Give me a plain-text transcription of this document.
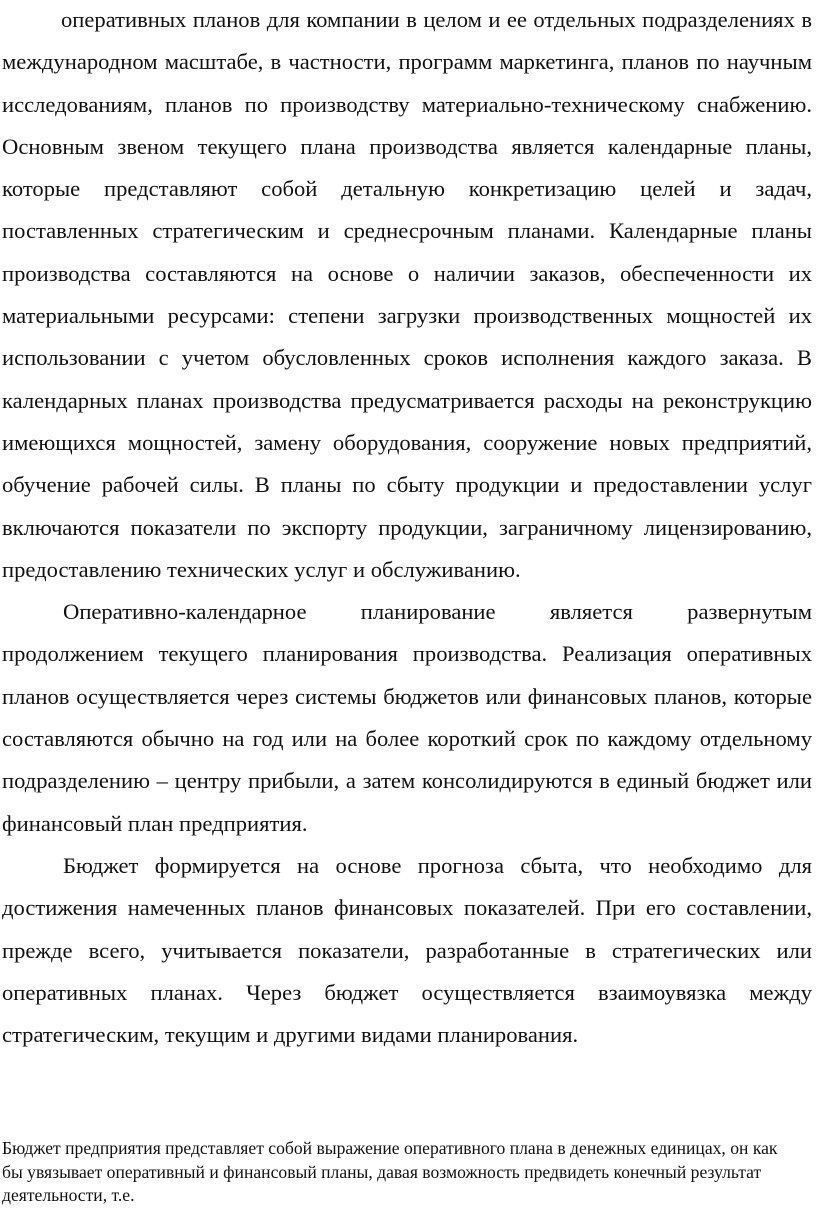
оперативных планов для компании в целом и ее отдельных подразделениях в международном масштабе, в частности, программ маркетинга, планов по научным исследованиям, планов по производству материально-техническому снабжению. Основным звеном текущего плана производства является календарные планы, которые представляют собой детальную конкретизацию целей и задач, поставленных стратегическим и среднесрочным планами. Календарные планы производства составляются на основе о наличии заказов, обеспеченности их материальными ресурсами: степени загрузки производственных мощностей их использовании с учетом обусловленных сроков исполнения каждого заказа. В календарных планах производства предусматривается расходы на реконструкцию имеющихся мощностей, замену оборудования, сооружение новых предприятий, обучение рабочей силы. В планы по сбыту продукции и предоставлении услуг включаются показатели по экспорту продукции, заграничному лицензированию, предоставлению технических услуг и обслуживанию.

Оперативно-календарное планирование является развернутым продолжением текущего планирования производства. Реализация оперативных планов осуществляется через системы бюджетов или финансовых планов, которые составляются обычно на год или на более короткий срок по каждому отдельному подразделению – центру прибыли, а затем консолидируются в единый бюджет или финансовый план предприятия.

Бюджет формируется на основе прогноза сбыта, что необходимо для достижения намеченных планов финансовых показателей. При его составлении, прежде всего, учитывается показатели, разработанные в стратегических или оперативных планах. Через бюджет осуществляется взаимоувязка между стратегическим, текущим и другими видами планирования.

Бюджет предприятия представляет собой выражение оперативного плана в денежных единицах, он как бы увязывает оперативный и финансовый планы, давая возможность предвидеть конечный результат деятельности, т.е.
